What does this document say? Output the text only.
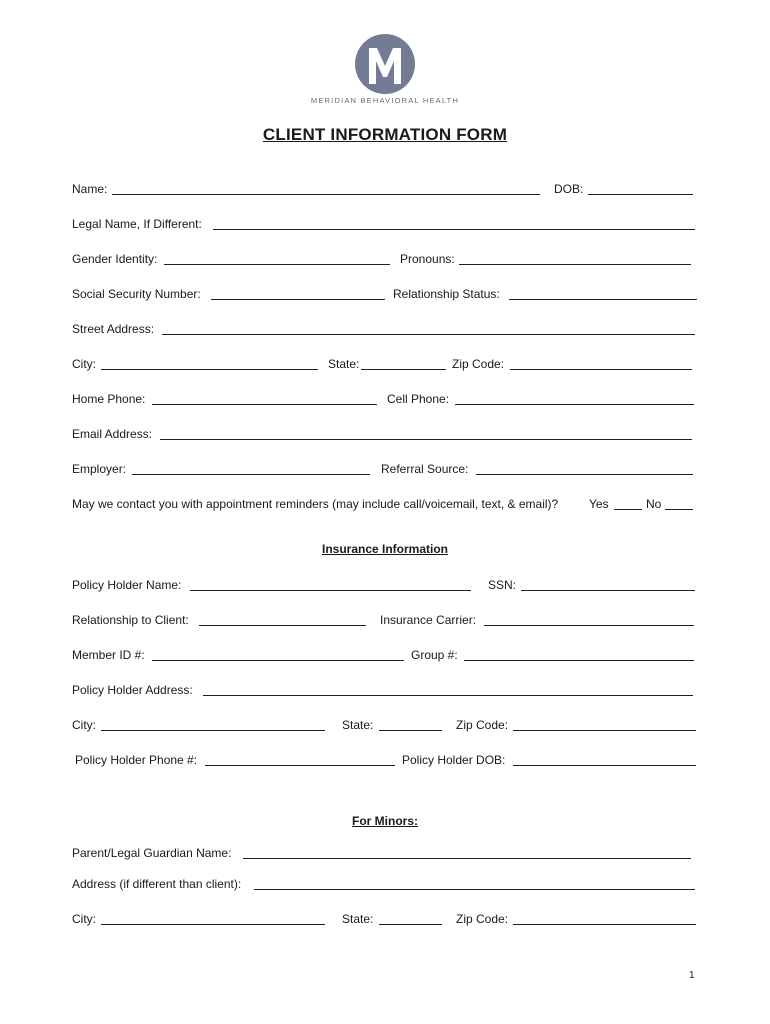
MERIDIAN BEHAVIORAL HEALTH
CLIENT INFORMATION FORM
Name:	DOB:
Legal Name, If Different:
Gender Identity:	Pronouns:
Social Security Number:	Relationship Status:
Street Address:
City:	State:	Zip Code:
Home Phone:	Cell Phone:
Email Address:
Employer:	Referral Source:
May we contact you with appointment reminders (may include call/voicemail, text, & email)?	Yes	No
Insurance Information
Policy Holder Name:	SSN:
Relationship to Client:	Insurance Carrier:
Member ID #:	Group #:
Policy Holder Address:
City:	State:	Zip Code:
Policy Holder Phone #:	Policy Holder DOB:
For Minors:
Parent/Legal Guardian Name:
Address (if different than client):
City:	State:	Zip Code:
1
